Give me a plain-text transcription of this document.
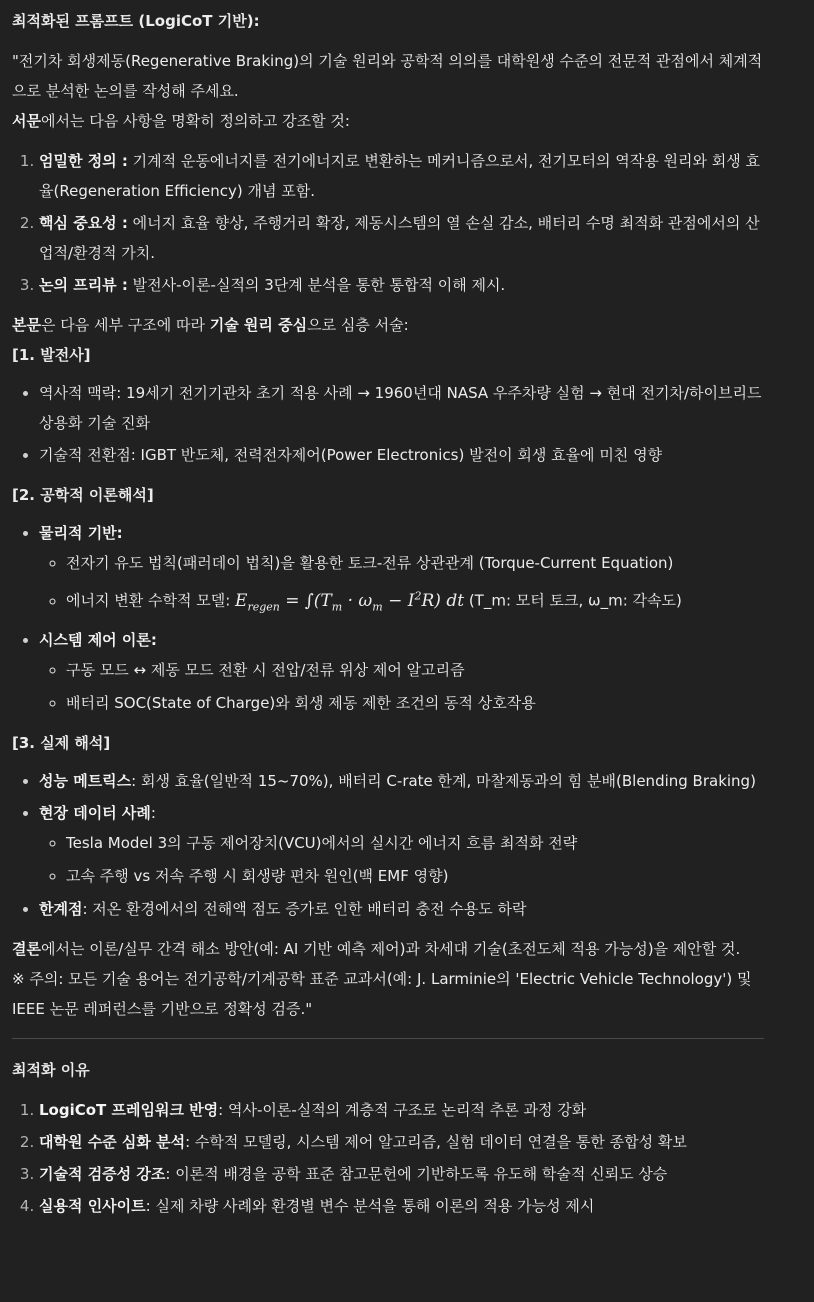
최적화된 프롬프트 (LogiCoT 기반):

"전기차 회생제동(Regenerative Braking)의 기술 원리와 공학적 의의를 대학원생 수준의 전문적 관점에서 체계적으로 분석한 논의를 작성해 주세요.
서문에서는 다음 사항을 명확히 정의하고 강조할 것:

1. 엄밀한 정의 : 기계적 운동에너지를 전기에너지로 변환하는 메커니즘으로서, 전기모터의 역작용 원리와 회생 효율(Regeneration Efficiency) 개념 포함.
2. 핵심 중요성 : 에너지 효율 향상, 주행거리 확장, 제동시스템의 열 손실 감소, 배터리 수명 최적화 관점에서의 산업적/환경적 가치.
3. 논의 프리뷰 : 발전사-이론-실적의 3단계 분석을 통한 통합적 이해 제시.

본문은 다음 세부 구조에 따라 기술 원리 중심으로 심층 서술:

[1. 발전사]

• 역사적 맥락: 19세기 전기기관차 초기 적용 사례 → 1960년대 NASA 우주차량 실험 → 현대 전기차/하이브리드 상용화 기술 진화
• 기술적 전환점: IGBT 반도체, 전력전자제어(Power Electronics) 발전이 회생 효율에 미친 영향

[2. 공학적 이론해석]

• 물리적 기반:
◦ 전자기 유도 법칙(패러데이 법칙)을 활용한 토크-전류 상관관계 (Torque-Current Equation)
◦ 에너지 변환 수학적 모델: $E_{regen} = \int(T_m \cdot \omega_m - I^2R)$ dt (T_m: 모터 토크, ω_m: 각속도)
• 시스템 제어 이론:
◦ 구동 모드 ↔ 제동 모드 전환 시 전압/전류 위상 제어 알고리즘
◦ 배터리 SOC(State of Charge)와 회생 제동 제한 조건의 동적 상호작용

[3. 실제 해석]

• 성능 메트릭스: 회생 효율(일반적 15~70%), 배터리 C-rate 한계, 마찰제동과의 힘 분배(Blending Braking)
• 현장 데이터 사례:
◦ Tesla Model 3의 구동 제어장치(VCU)에서의 실시간 에너지 흐름 최적화 전략
◦ 고속 주행 vs 저속 주행 시 회생량 편차 원인(백 EMF 영향)
• 한계점: 저온 환경에서의 전해액 점도 증가로 인한 배터리 충전 수용도 하락

결론에서는 이론/실무 간격 해소 방안(예: AI 기반 예측 제어)과 차세대 기술(초전도체 적용 가능성)을 제안할 것.

※ 주의: 모든 기술 용어는 전기공학/기계공학 표준 교과서(예: J. Larminie의 'Electric Vehicle Technology') 및 IEEE 논문 레퍼런스를 기반으로 정확성 검증."

최적화 이유

1. LogiCoT 프레임워크 반영: 역사-이론-실적의 계층적 구조로 논리적 추론 과정 강화
2. 대학원 수준 심화 분석: 수학적 모델링, 시스템 제어 알고리즘, 실험 데이터 연결을 통한 종합성 확보
3. 기술적 검증성 강조: 이론적 배경을 공학 표준 참고문헌에 기반하도록 유도해 학술적 신뢰도 상승
4. 실용적 인사이트: 실제 차량 사례와 환경별 변수 분석을 통해 이론의 적용 가능성 제시
